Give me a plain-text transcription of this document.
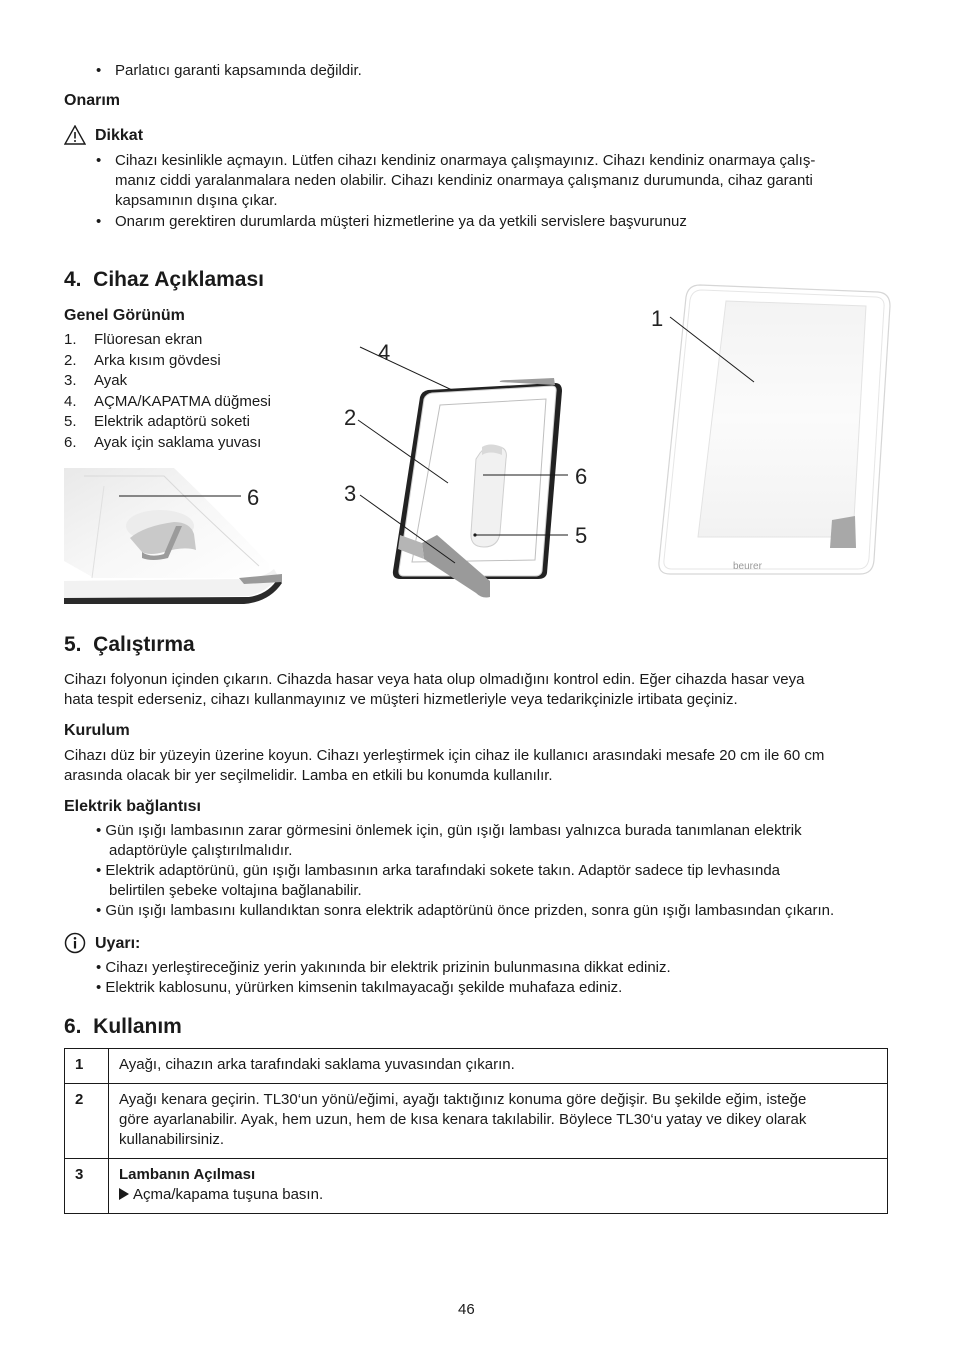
• Parlatıcı garanti kapsamında değildir.
Onarım
Dikkat
• Cihazı kesinlikle açmayın. Lütfen cihazı kendiniz onarmaya çalışmayınız. Cihazı kendiniz onarmaya çalış-
manız ciddi yaralanmalara neden olabilir. Cihazı kendiniz onarmaya çalışmanız durumunda, cihaz garanti
kapsamının dışına çıkar.
• Onarım gerektiren durumlarda müşteri hizmetlerine ya da yetkili servislere başvurunuz
4.  Cihaz Açıklaması
Genel Görünüm
1. Flüoresan ekran
2. Arka kısım gövdesi
3. Ayak
4. AÇMA/KAPATMA düğmesi
5. Elektrik adaptörü soketi
6. Ayak için saklama yuvası
6
4
2
3
6
5
1
beurer
5.  Çalıştırma
Cihazı folyonun içinden çıkarın. Cihazda hasar veya hata olup olmadığını kontrol edin. Eğer cihazda hasar veya
hata tespit ederseniz, cihazı kullanmayınız ve müşteri hizmetleriyle veya tedarikçinizle irtibata geçiniz.
Kurulum
Cihazı düz bir yüzeyin üzerine koyun. Cihazı yerleştirmek için cihaz ile kullanıcı arasındaki mesafe 20 cm ile 60 cm
arasında olacak bir yer seçilmelidir. Lamba en etkili bu konumda kullanılır.
Elektrik bağlantısı
• Gün ışığı lambasının zarar görmesini önlemek için, gün ışığı lambası yalnızca burada tanımlanan elektrik
adaptörüyle çalıştırılmalıdır.
• Elektrik adaptörünü, gün ışığı lambasının arka tarafındaki sokete takın. Adaptör sadece tip levhasında
belirtilen şebeke voltajına bağlanabilir.
• Gün ışığı lambasını kullandıktan sonra elektrik adaptörünü önce prizden, sonra gün ışığı lambasından çıkarın.
Uyarı:
• Cihazı yerleştireceğiniz yerin yakınında bir elektrik prizinin bulunmasına dikkat ediniz.
• Elektrik kablosunu, yürürken kimsenin takılmayacağı şekilde muhafaza ediniz.
6.  Kullanım
1	Ayağı, cihazın arka tarafındaki saklama yuvasından çıkarın.
2	Ayağı kenara geçirin. TL30‘un yönü/eğimi, ayağı taktığınız konuma göre değişir. Bu şekilde eğim, isteğe
göre ayarlanabilir. Ayak, hem uzun, hem de kısa kenara takılabilir. Böylece TL30‘u yatay ve dikey olarak
kullanabilirsiniz.
3	Lambanın Açılması
Açma/kapama tuşuna basın.
46
